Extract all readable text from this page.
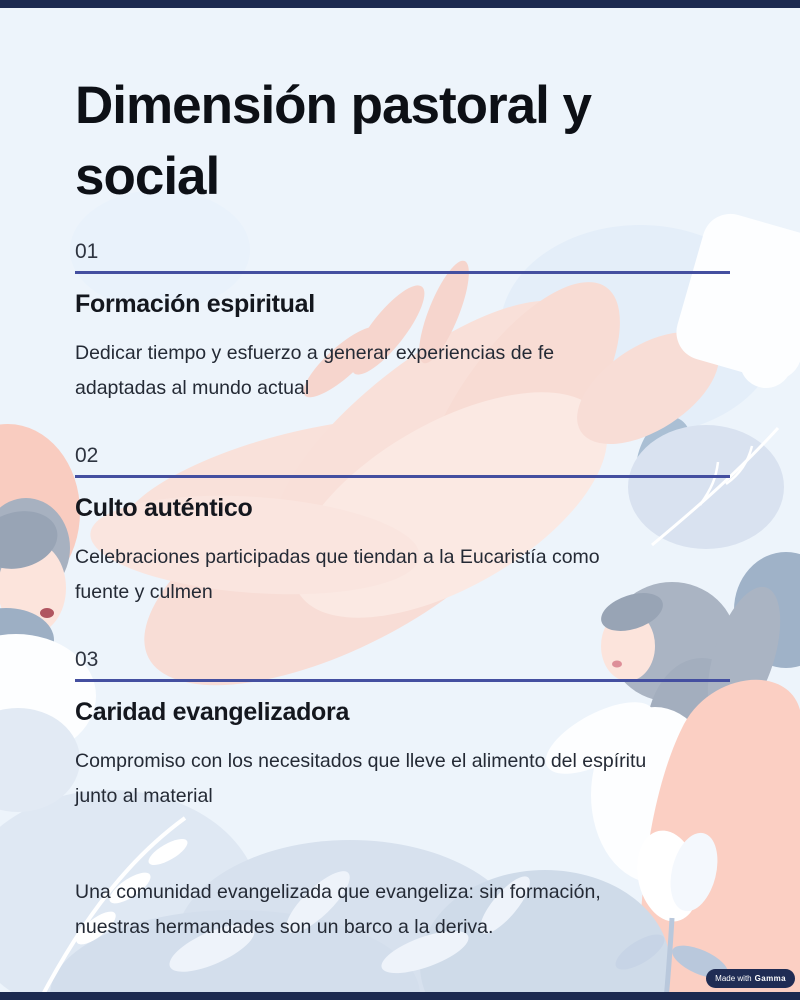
Dimensión pastoral y
social
01
Formación espiritual

Dedicar tiempo y esfuerzo a generar experiencias de fe
adaptadas al mundo actual

02
Culto auténtico

Celebraciones participadas que tiendan a la Eucaristía como
fuente y culmen

03
Caridad evangelizadora

Compromiso con los necesitados que lleve el alimento del espíritu
junto al material

Una comunidad evangelizada que evangeliza: sin formación,
nuestras hermandades son un barco a la deriva.

Made with Gamma
